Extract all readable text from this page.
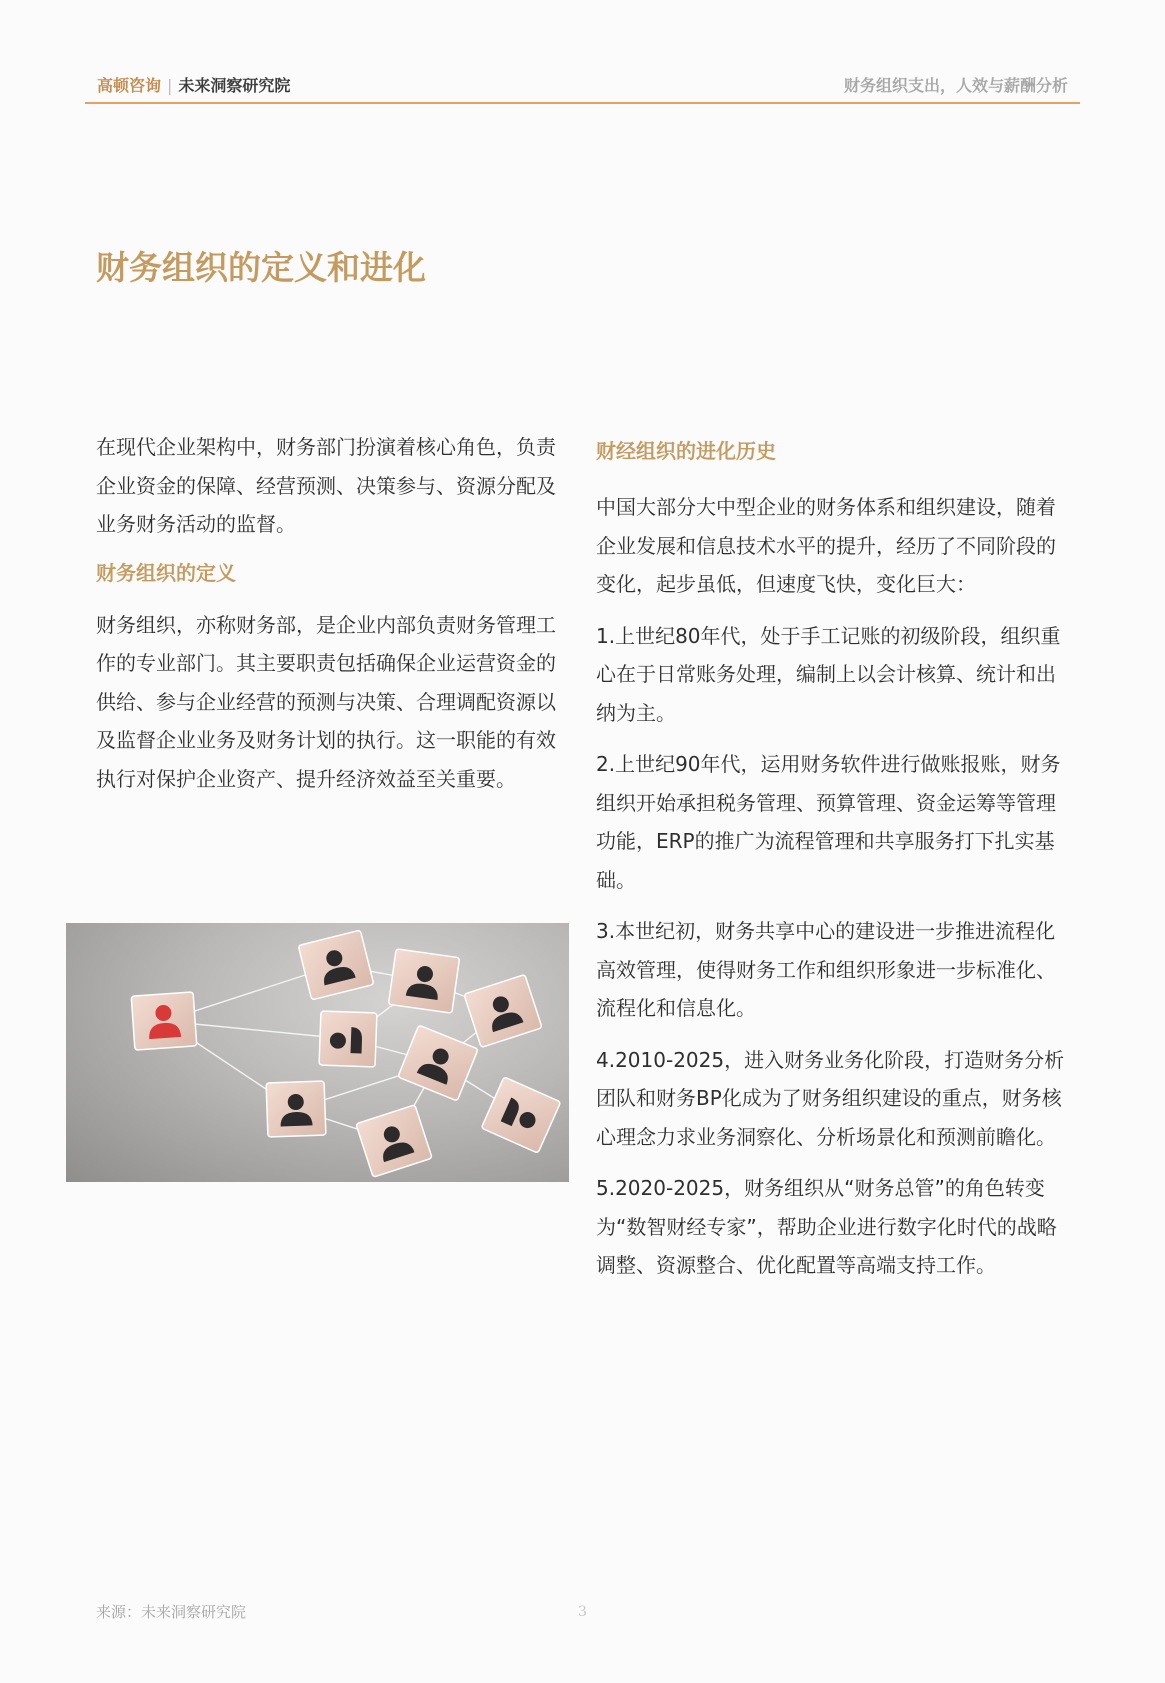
高顿咨询 | 未来洞察研究院	财务组织支出，人效与薪酬分析
财务组织的定义和进化

在现代企业架构中，财务部门扮演着核心角色，负责企业资金的保障、经营预测、决策参与、资源分配及业务财务活动的监督。

财务组织的定义

财务组织，亦称财务部，是企业内部负责财务管理工作的专业部门。其主要职责包括确保企业运营资金的供给、参与企业经营的预测与决策、合理调配资源以及监督企业业务及财务计划的执行。这一职能的有效执行对保护企业资产、提升经济效益至关重要。

财经组织的进化历史

中国大部分大中型企业的财务体系和组织建设，随着企业发展和信息技术水平的提升，经历了不同阶段的变化，起步虽低，但速度飞快，变化巨大：

1.上世纪80年代，处于手工记账的初级阶段，组织重心在于日常账务处理，编制上以会计核算、统计和出纳为主。

2.上世纪90年代，运用财务软件进行做账报账，财务组织开始承担税务管理、预算管理、资金运筹等管理功能，ERP的推广为流程管理和共享服务打下扎实基础。

3.本世纪初，财务共享中心的建设进一步推进流程化高效管理，使得财务工作和组织形象进一步标准化、流程化和信息化。

4.2010-2025，进入财务业务化阶段，打造财务分析团队和财务BP化成为了财务组织建设的重点，财务核心理念力求业务洞察化、分析场景化和预测前瞻化。

5.2020-2025，财务组织从“财务总管”的角色转变为“数智财经专家”，帮助企业进行数字化时代的战略调整、资源整合、优化配置等高端支持工作。

来源：未来洞察研究院	3
